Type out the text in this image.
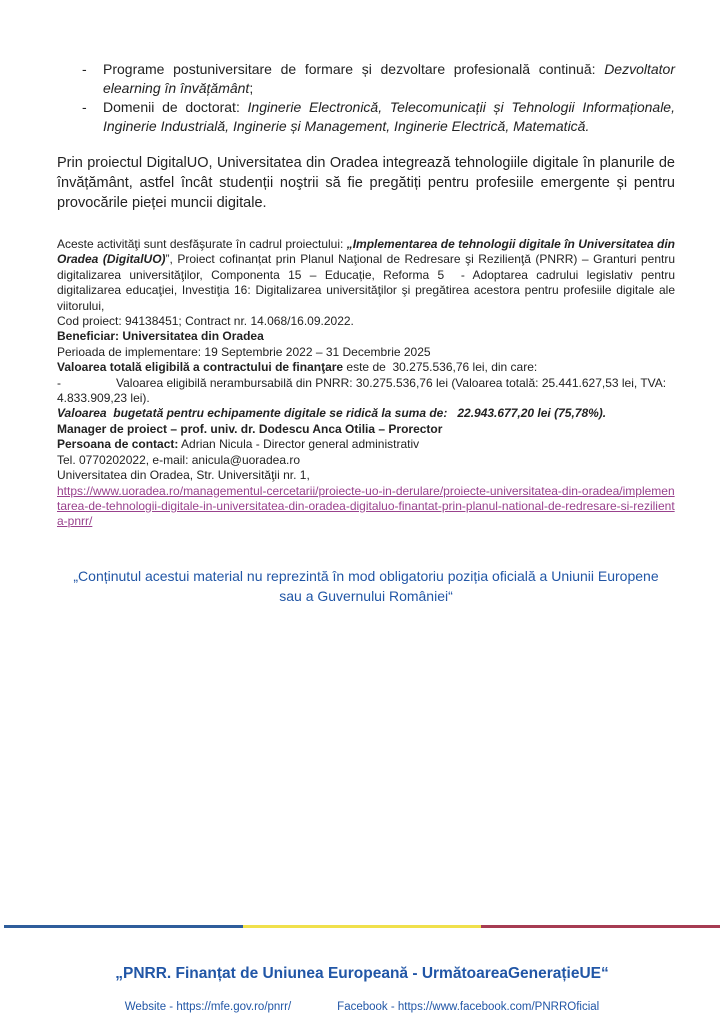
-	Programe postuniversitare de formare și dezvoltare profesională continuă: Dezvoltator elearning în învățământ;
-	Domenii de doctorat: Inginerie Electronică, Telecomunicații și Tehnologii Informaționale, Inginerie Industrială, Inginerie și Management, Inginerie Electrică, Matematică.

Prin proiectul DigitalUO, Universitatea din Oradea integrează tehnologiile digitale în planurile de învățământ, astfel încât studenții noştrii să fie pregătiți pentru profesiile emergente și pentru provocările pieței muncii digitale.

Aceste activităţi sunt desfăşurate în cadrul proiectului: „Implementarea de tehnologii digitale în Universitatea din Oradea (DigitalUO)”, Proiect cofinanțat prin Planul Naţional de Redresare şi Rezilienţă (PNRR) – Granturi pentru digitalizarea universităţilor, Componenta 15 – Educație, Reforma 5  - Adoptarea cadrului legislativ pentru digitalizarea educaţiei, Investiţia 16: Digitalizarea universităţilor şi pregătirea acestora pentru profesiile digitale ale viitorului,

Cod proiect: 94138451; Contract nr. 14.068/16.09.2022.

Beneficiar: Universitatea din Oradea

Perioada de implementare: 19 Septembrie 2022 – 31 Decembrie 2025

Valoarea totală eligibilă a contractului de finanţare este de  30.275.536,76 lei, din care:

-	Valoarea eligibilă nerambursabilă din PNRR: 30.275.536,76 lei (Valoarea totală: 25.441.627,53 lei, TVA: 4.833.909,23 lei).

Valoarea  bugetată pentru echipamente digitale se ridică la suma de:   22.943.677,20 lei (75,78%).

Manager de proiect – prof. univ. dr. Dodescu Anca Otilia – Prorector

Persoana de contact: Adrian Nicula - Director general administrativ

Tel. 0770202022, e-mail: anicula@uoradea.ro

Universitatea din Oradea, Str. Universităţii nr. 1,

https://www.uoradea.ro/managementul-cercetarii/proiecte-uo-in-derulare/proiecte-universitatea-din-oradea/implementarea-de-tehnologii-digitale-in-universitatea-din-oradea-digitaluo-finantat-prin-planul-national-de-redresare-si-rezilienta-pnrr/

„Conținutul acestui material nu reprezintă în mod obligatoriu poziția oficială a Uniunii Europene sau a Guvernului României“

„PNRR. Finanțat de Uniunea Europeană - UrmătoareaGenerațieUE“
Website - https://mfe.gov.ro/pnrr/	Facebook - https://www.facebook.com/PNRROficial
